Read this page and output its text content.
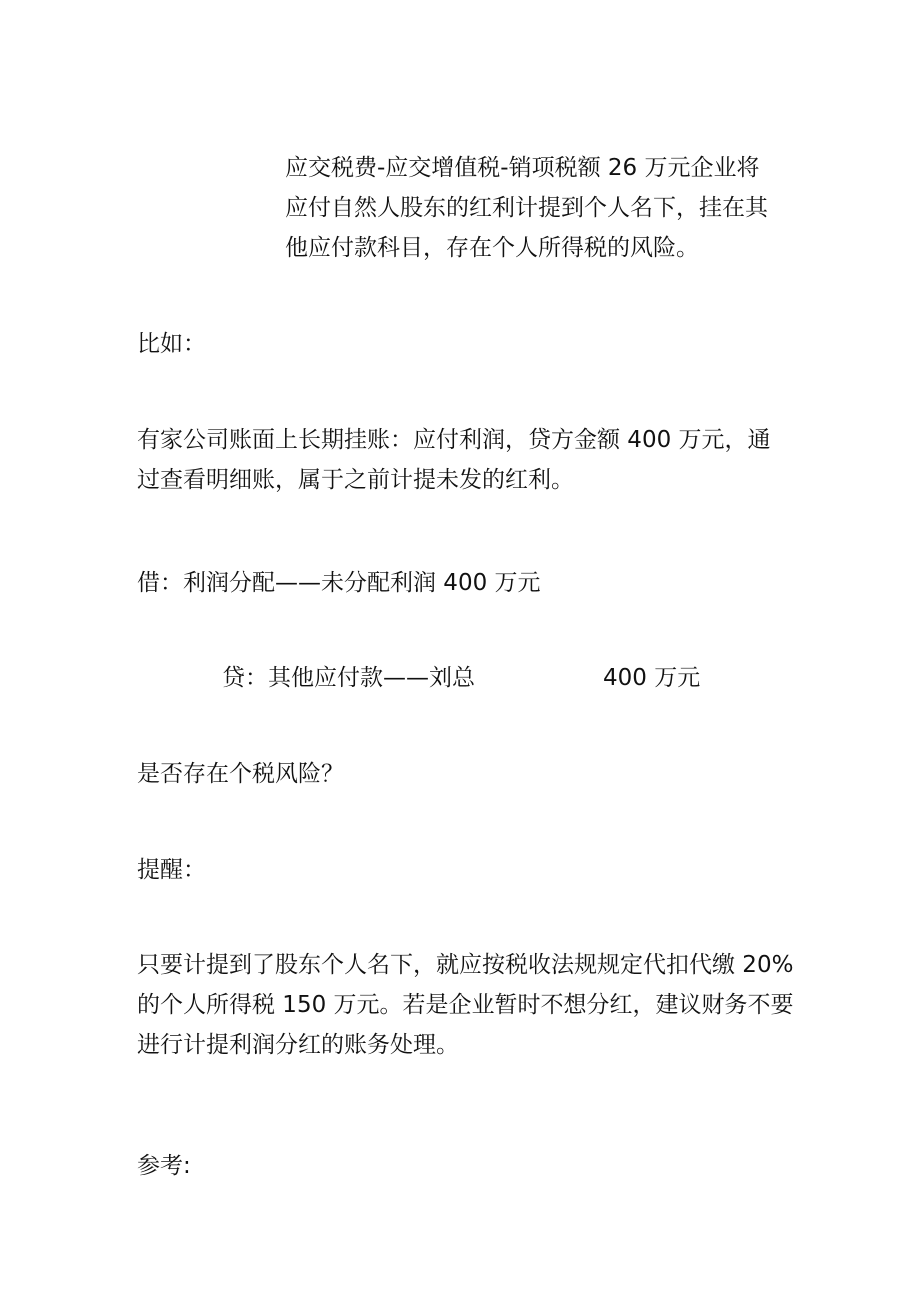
应交税费-应交增值税-销项税额 26 万元企业将
应付自然人股东的红利计提到个人名下，挂在其
他应付款科目，存在个人所得税的风险。

比如：

有家公司账面上长期挂账：应付利润，贷方金额 400 万元，通
过查看明细账，属于之前计提未发的红利。

借：利润分配——未分配利润 400 万元

贷：其他应付款——刘总	400 万元

是否存在个税风险？

提醒：

只要计提到了股东个人名下，就应按税收法规规定代扣代缴 20%
的个人所得税 150 万元。若是企业暂时不想分红，建议财务不要
进行计提利润分红的账务处理。

参考:
